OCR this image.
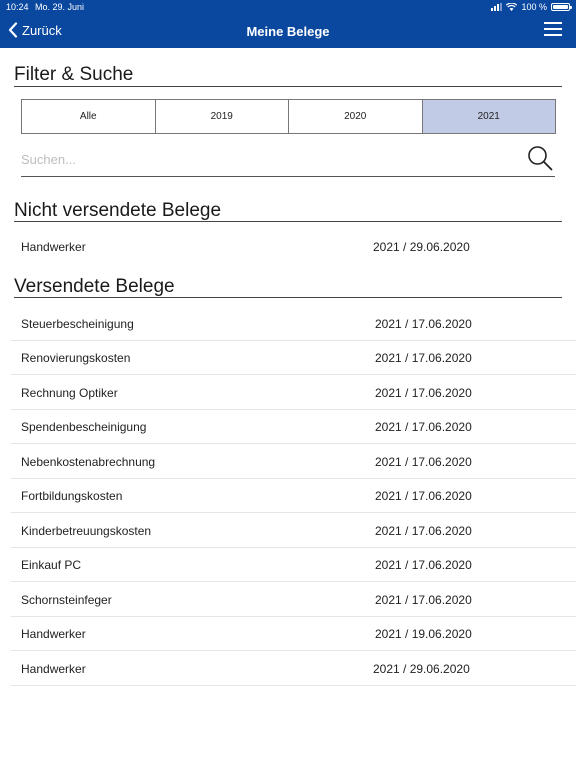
10:24 Mo. 29. Juni	100 %
Zurück	Meine Belege
Filter & Suche
Alle	2019	2020	2021
Suchen...
Nicht versendete Belege
Handwerker	2021 / 29.06.2020
Versendete Belege
Steuerbescheinigung	2021 / 17.06.2020
Renovierungskosten	2021 / 17.06.2020
Rechnung Optiker	2021 / 17.06.2020
Spendenbescheinigung	2021 / 17.06.2020
Nebenkostenabrechnung	2021 / 17.06.2020
Fortbildungskosten	2021 / 17.06.2020
Kinderbetreuungskosten	2021 / 17.06.2020
Einkauf PC	2021 / 17.06.2020
Schornsteinfeger	2021 / 17.06.2020
Handwerker	2021 / 19.06.2020
Handwerker	2021 / 29.06.2020
